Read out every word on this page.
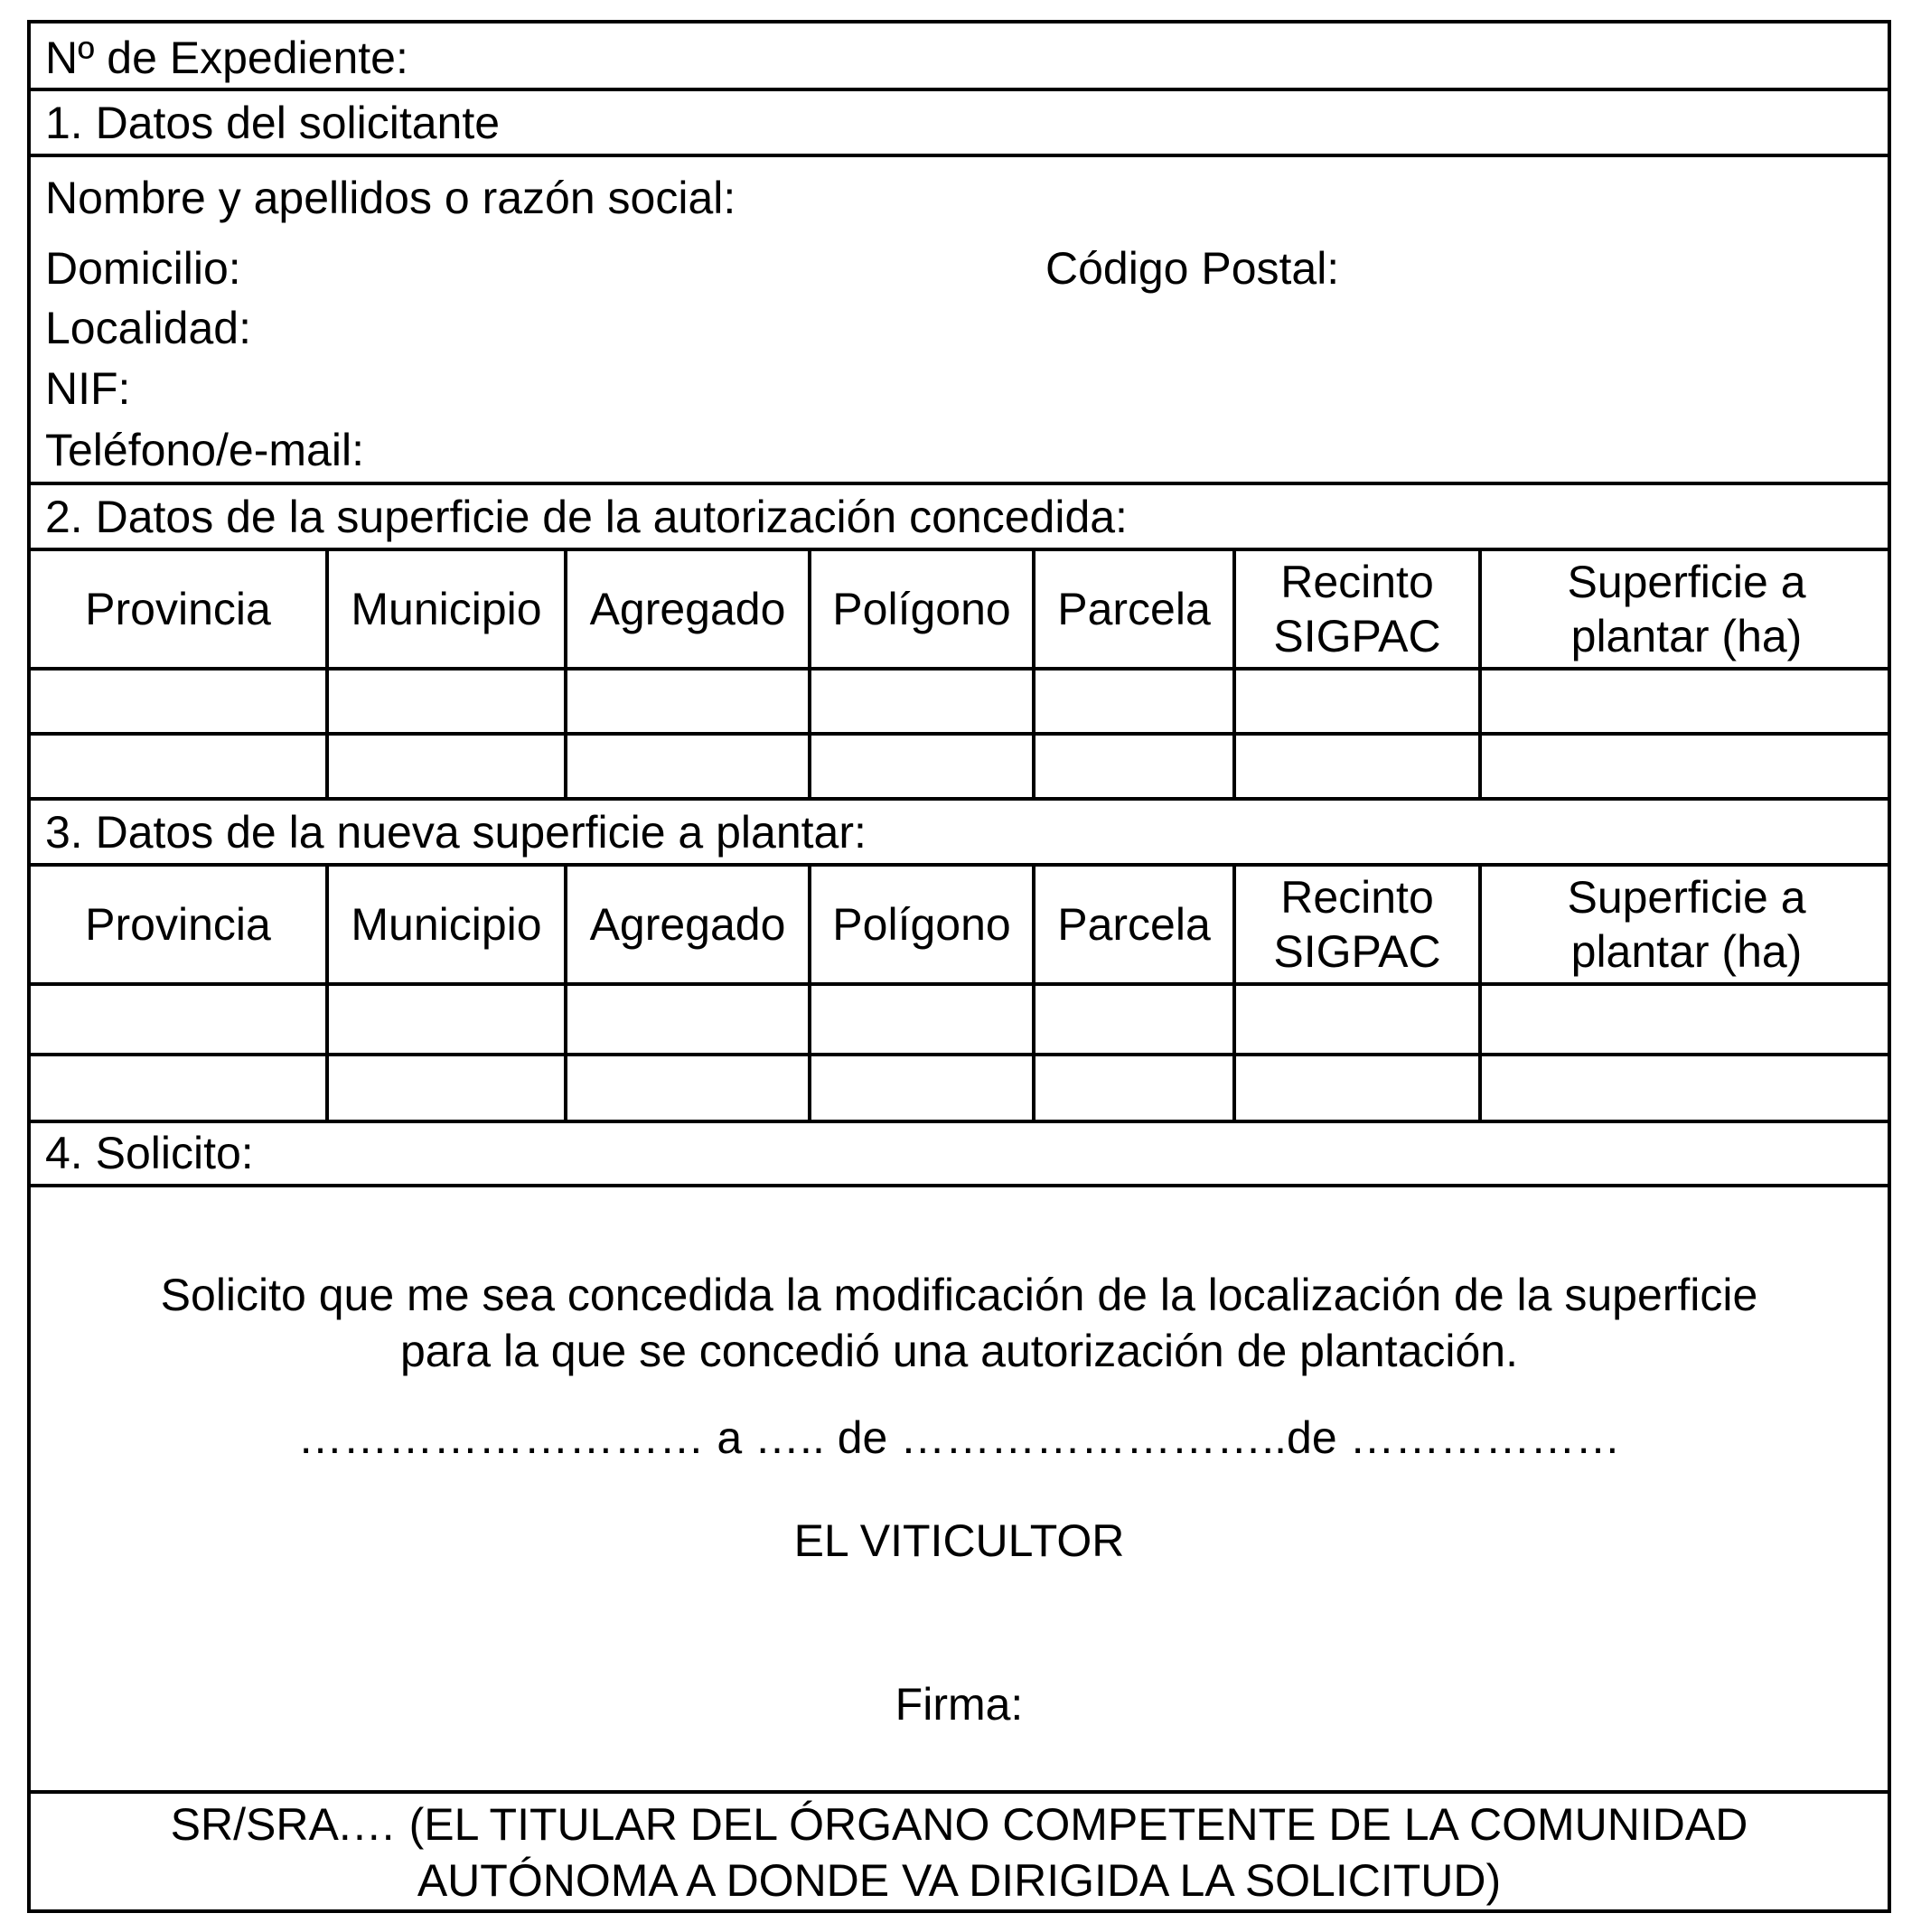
Nº de Expediente:
1. Datos del solicitante
Nombre y apellidos o razón social:
Domicilio:	Código Postal:
Localidad:
NIF:
Teléfono/e-mail:
2. Datos de la superficie de la autorización concedida:
Provincia Municipio Agregado Polígono Parcela
Recinto
SIGPAC
Superficie a
plantar (ha)
3. Datos de la nueva superficie a plantar:
Provincia Municipio Agregado Polígono Parcela
Recinto
SIGPAC
Superficie a
plantar (ha)
4. Solicito:
Solicito que me sea concedida la modificación de la localización de la superficie
para la que se concedió una autorización de plantación.
……………………… a ….. de ……………………..de ………………
EL VITICULTOR
Firma:
SR/SRA.… (EL TITULAR DEL ÓRGANO COMPETENTE DE LA COMUNIDAD
AUTÓNOMA A DONDE VA DIRIGIDA LA SOLICITUD)
